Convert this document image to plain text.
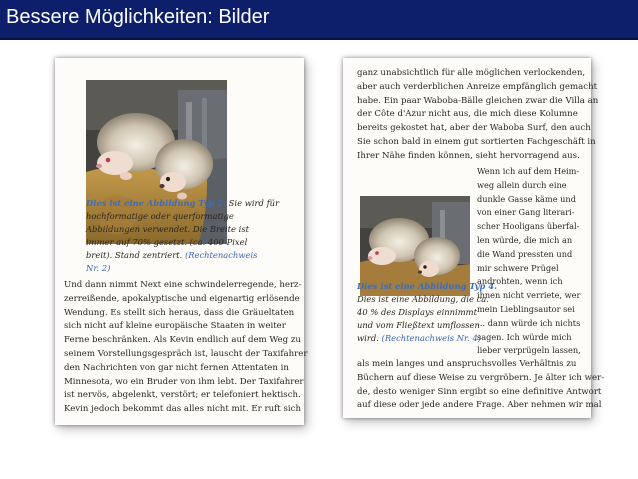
Bessere Möglichkeiten: Bilder
Dies ist eine Abbildung Typ 2. Sie wird für
hochformatige oder querformatige
Abbildungen verwendet. Die Breite ist
immer auf 70% gesetzt. (ca. 400 Pixel
breit). Stand zentriert. (Rechtenachweis
Nr. 2)
Und dann nimmt Next eine schwindelerregende, herz-
zerreißende, apokalyptische und eigenartig erlösende
Wendung. Es stellt sich heraus, dass die Gräueltaten
sich nicht auf kleine europäische Staaten in weiter
Ferne beschränken. Als Kevin endlich auf dem Weg zu
seinem Vorstellungsgespräch ist, lauscht der Taxifahrer
den Nachrichten von gar nicht fernen Attentaten in
Minnesota, wo ein Bruder von ihm lebt. Der Taxifahrer
ist nervös, abgelenkt, verstört; er telefoniert hektisch.
Kevin jedoch bekommt das alles nicht mit. Er ruft sich
ganz unabsichtlich für alle möglichen verlockenden,
aber auch verderblichen Anreize empfänglich gemacht
habe. Ein paar Waboba-Bälle gleichen zwar die Villa an
der Côte d'Azur nicht aus, die mich diese Kolumne
bereits gekostet hat, aber der Waboba Surf, den auch
Sie schon bald in einem gut sortierten Fachgeschäft in
Ihrer Nähe finden können, sieht hervorragend aus.
Dies ist eine Abbildung Typ 4.
Dies ist eine Abbildung, die ca.
40 % des Displays einnimmt
und vom Fließtext umflossen
wird. (Rechtenachweis Nr. 4)
Wenn ich auf dem Heim-
weg allein durch eine
dunkle Gasse käme und
von einer Gang literari-
scher Hooligans überfal-
len würde, die mich an
die Wand pressten und
mir schwere Prügel
androhten, wenn ich
ihnen nicht verriete, wer
mein Lieblingsautor sei
… dann würde ich nichts
sagen. Ich würde mich
lieber verprügeln lassen,
als mein langes und anspruchsvolles Verhältnis zu
Büchern auf diese Weise zu vergröbern. Je älter ich wer-
de, desto weniger Sinn ergibt so eine definitive Antwort
auf diese oder jede andere Frage. Aber nehmen wir mal
